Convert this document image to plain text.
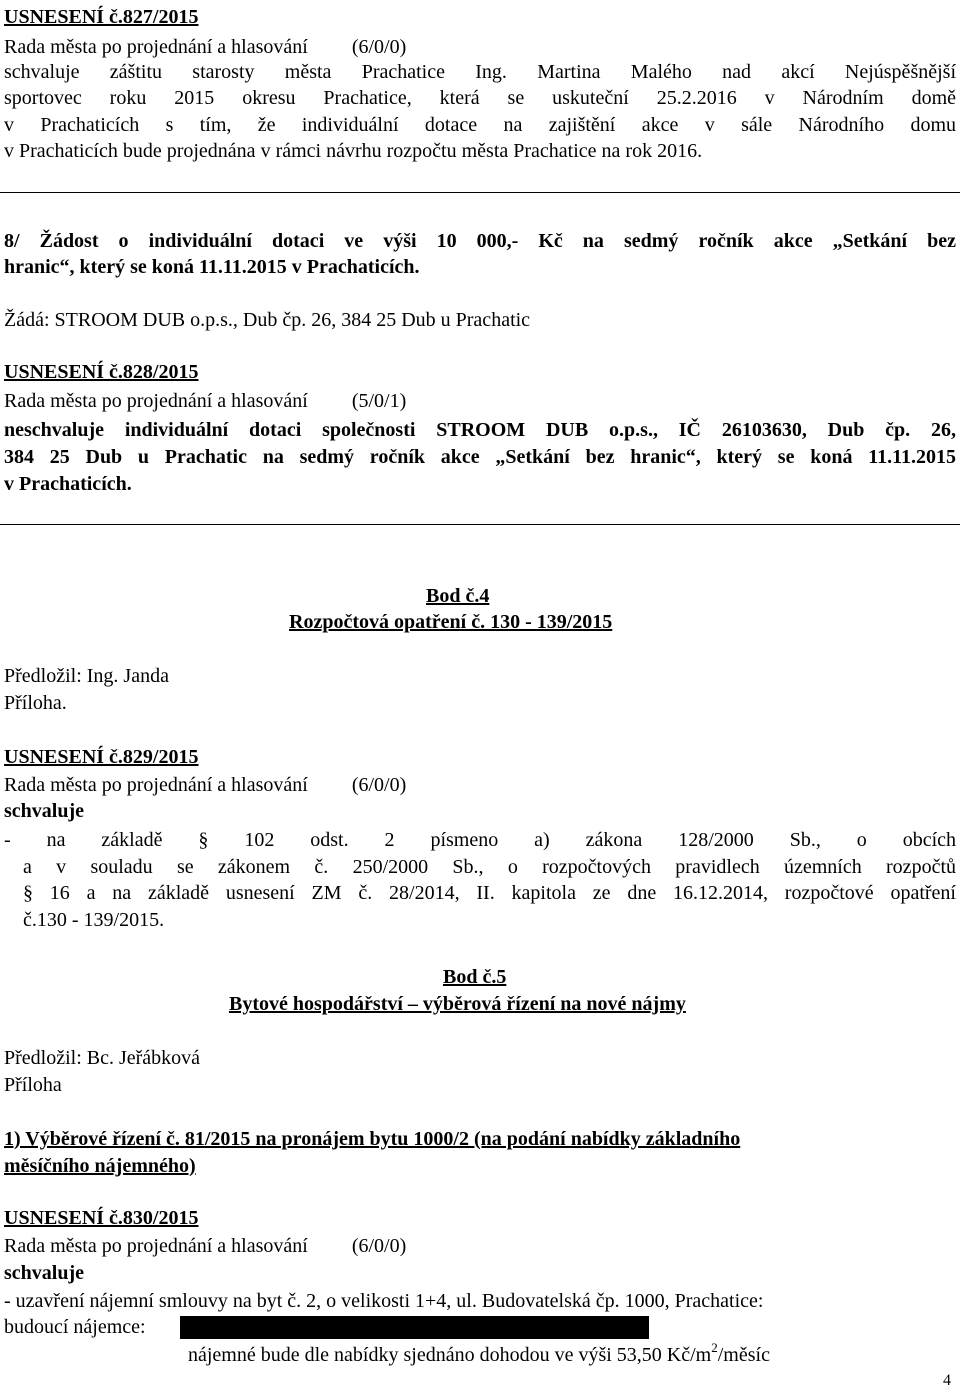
USNESENÍ č.827/2015
Rada města po projednání a hlasování (6/0/0)
schvaluje záštitu starosty města Prachatice Ing. Martina Malého nad akcí Nejúspěšnější
sportovec roku 2015 okresu Prachatice, která se uskuteční 25.2.2016 v Národním domě
v Prachaticích s tím, že individuální dotace na zajištění akce v sále Národního domu
v Prachaticích bude projednána v rámci návrhu rozpočtu města Prachatice na rok 2016.
8/ Žádost o individuální dotaci ve výši 10 000,- Kč na sedmý ročník akce „Setkání bez
hranic“, který se koná 11.11.2015 v Prachaticích.
Žádá: STROOM DUB o.p.s., Dub čp. 26, 384 25 Dub u Prachatic
USNESENÍ č.828/2015
Rada města po projednání a hlasování (5/0/1)
neschvaluje individuální dotaci společnosti STROOM DUB o.p.s., IČ 26103630, Dub čp. 26,
384 25 Dub u Prachatic na sedmý ročník akce „Setkání bez hranic“, který se koná 11.11.2015
v Prachaticích.
Bod č.4
Rozpočtová opatření č. 130 - 139/2015
Předložil: Ing. Janda
Příloha.
USNESENÍ č.829/2015
Rada města po projednání a hlasování (6/0/0)
schvaluje
- na základě § 102 odst. 2 písmeno a) zákona 128/2000 Sb., o obcích
a v souladu se zákonem č. 250/2000 Sb., o rozpočtových pravidlech územních rozpočtů
§ 16 a na základě usnesení ZM č. 28/2014, II. kapitola ze dne 16.12.2014, rozpočtové opatření
č.130 - 139/2015.
Bod č.5
Bytové hospodářství – výběrová řízení na nové nájmy
Předložil: Bc. Jeřábková
Příloha
1) Výběrové řízení č. 81/2015 na pronájem bytu 1000/2 (na podání nabídky základního
měsíčního nájemného)
USNESENÍ č.830/2015
Rada města po projednání a hlasování (6/0/0)
schvaluje
- uzavření nájemní smlouvy na byt č. 2, o velikosti 1+4, ul. Budovatelská čp. 1000, Prachatice:
budoucí nájemce:
nájemné bude dle nabídky sjednáno dohodou ve výši 53,50 $Kč/m^2$/měsíc
4
